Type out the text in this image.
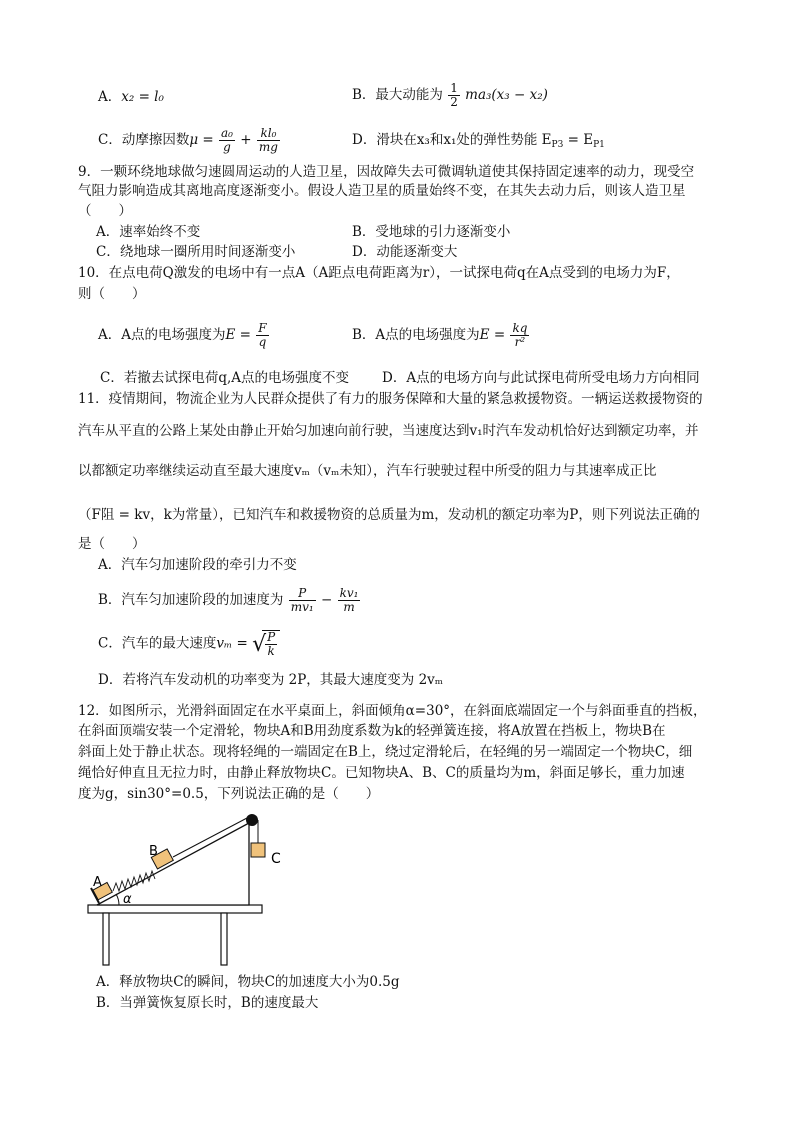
A．x₂ = l₀	B．最大动能为 $\frac{1}{2} ma_3(x_3 - x_2)$
C．动摩擦因数$\mu = \frac{\text{a₀}}{g} + \frac{\text{kl₀}}{mg}$	D．滑块在x₃和x₁处的弹性势能 $E_{P3} = E_{P1}$
9．一颗环绕地球做匀速圆周运动的人造卫星，因故障失去可微调轨道使其保持固定速率的动力，现受空
气阻力影响造成其离地高度逐渐变小。假设人造卫星的质量始终不变，在其失去动力后，则该人造卫星
（　　）
A．速率始终不变	B．受地球的引力逐渐变小
C．绕地球一圈所用时间逐渐变小	D．动能逐渐变大
10．在点电荷Q激发的电场中有一点A（A距点电荷距离为r），一试探电荷q在A点受到的电场力为F，
则（　　）
A．A点的电场强度为$E = \frac{F}{q}$	B．A点的电场强度为$E = \frac{kq}{\text{r²}}$
C．若撤去试探电荷q,A点的电场强度不变 D．A点的电场方向与此试探电荷所受电场力方向相同
11．疫情期间，物流企业为人民群众提供了有力的服务保障和大量的紧急救援物资。一辆运送救援物资的
汽车从平直的公路上某处由静止开始匀加速向前行驶，当速度达到v₁时汽车发动机恰好达到额定功率，并
以都额定功率继续运动直至最大速度vₘ（vₘ未知），汽车行驶驶过程中所受的阻力与其速率成正比
（F阻 = kv，k为常量），已知汽车和救援物资的总质量为m，发动机的额定功率为P，则下列说法正确的
是（　　）
A．汽车匀加速阶段的牵引力不变
B．汽车匀加速阶段的加速度为 $\frac{P}{\text{mv₁}} - \frac{\text{kv₁}}{m}$
C．汽车的最大速度vₘ = √
$\frac{P}{k}$
D．若将汽车发动机的功率变为 2P，其最大速度变为 2vₘ
12．如图所示，光滑斜面固定在水平桌面上，斜面倾角α=30°，在斜面底端固定一个与斜面垂直的挡板，
在斜面顶端安装一个定滑轮，物块A和B用劲度系数为k的轻弹簧连接，将A放置在挡板上，物块B在
斜面上处于静止状态。现将轻绳的一端固定在B上，绕过定滑轮后，在轻绳的另一端固定一个物块C，细
绳恰好伸直且无拉力时，由静止释放物块C。已知物块A、B、C的质量均为m，斜面足够长，重力加速
度为g，sin30°=0.5，下列说法正确的是（　　）
α
A
B	C
A．释放物块C的瞬间，物块C的加速度大小为0.5g
B．当弹簧恢复原长时，B的速度最大
